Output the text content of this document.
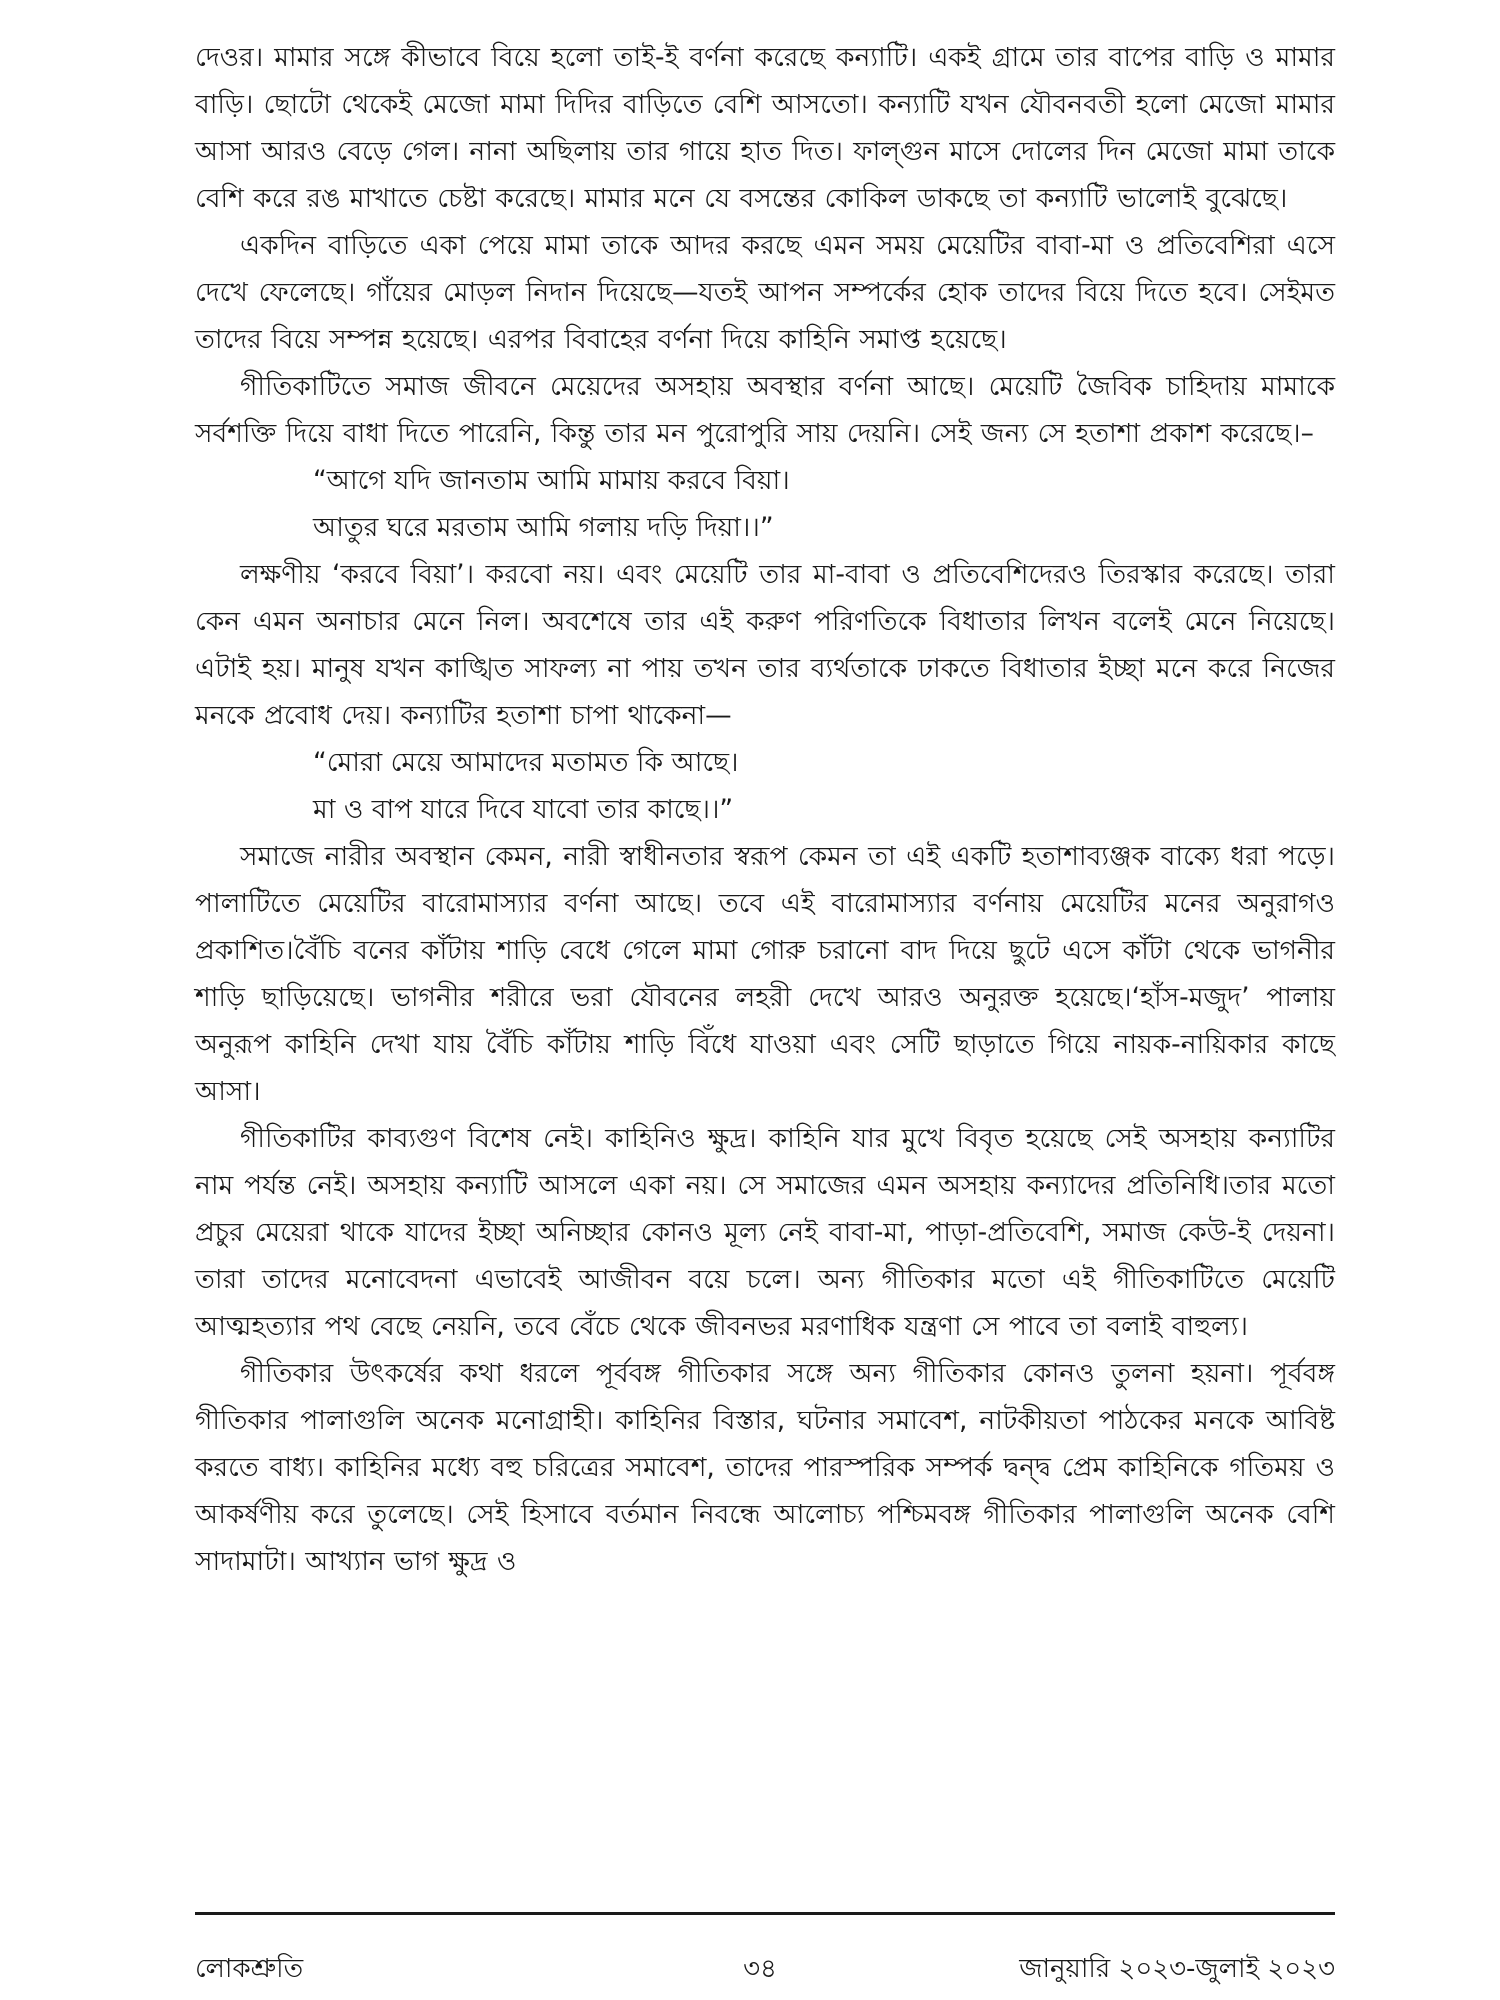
দেওর। মামার সঙ্গে কীভাবে বিয়ে হলো তাই-ই বর্ণনা করেছে কন্যাটি। একই গ্রামে তার বাপের বাড়ি ও মামার বাড়ি। ছোটো থেকেই মেজো মামা দিদির বাড়িতে বেশি আসতো। কন্যাটি যখন যৌবনবতী হলো মেজো মামার আসা আরও বেড়ে গেল। নানা অছিলায় তার গায়ে হাত দিত। ফাল্গুন মাসে দোলের দিন মেজো মামা তাকে বেশি করে রঙ মাখাতে চেষ্টা করেছে। মামার মনে যে বসন্তের কোকিল ডাকছে তা কন্যাটি ভালোই বুঝেছে।

একদিন বাড়িতে একা পেয়ে মামা তাকে আদর করছে এমন সময় মেয়েটির বাবা-মা ও প্রতিবেশিরা এসে দেখে ফেলেছে। গাঁয়ের মোড়ল নিদান দিয়েছে—যতই আপন সম্পর্কের হোক তাদের বিয়ে দিতে হবে। সেইমত তাদের বিয়ে সম্পন্ন হয়েছে। এরপর বিবাহের বর্ণনা দিয়ে কাহিনি সমাপ্ত হয়েছে।

গীতিকাটিতে সমাজ জীবনে মেয়েদের অসহায় অবস্থার বর্ণনা আছে। মেয়েটি জৈবিক চাহিদায় মামাকে সর্বশক্তি দিয়ে বাধা দিতে পারেনি, কিন্তু তার মন পুরোপুরি সায় দেয়নি। সেই জন্য সে হতাশা প্রকাশ করেছে।–

“আগে যদি জানতাম আমি মামায় করবে বিয়া।
আতুর ঘরে মরতাম আমি গলায় দড়ি দিয়া।।”

লক্ষণীয় ‘করবে বিয়া’। করবো নয়। এবং মেয়েটি তার মা-বাবা ও প্রতিবেশিদেরও তিরস্কার করেছে। তারা কেন এমন অনাচার মেনে নিল। অবশেষে তার এই করুণ পরিণতিকে বিধাতার লিখন বলেই মেনে নিয়েছে। এটাই হয়। মানুষ যখন কাঙ্খিত সাফল্য না পায় তখন তার ব্যর্থতাকে ঢাকতে বিধাতার ইচ্ছা মনে করে নিজের মনকে প্রবোধ দেয়। কন্যাটির হতাশা চাপা থাকেনা—

“মোরা মেয়ে আমাদের মতামত কি আছে।
মা ও বাপ যারে দিবে যাবো তার কাছে।।”

সমাজে নারীর অবস্থান কেমন, নারী স্বাধীনতার স্বরূপ কেমন তা এই একটি হতাশাব্যঞ্জক বাক্যে ধরা পড়ে। পালাটিতে মেয়েটির বারোমাস্যার বর্ণনা আছে। তবে এই বারোমাস্যার বর্ণনায় মেয়েটির মনের অনুরাগও প্রকাশিত।বৈঁচি বনের কাঁটায় শাড়ি বেধে গেলে মামা গোরু চরানো বাদ দিয়ে ছুটে এসে কাঁটা থেকে ভাগনীর শাড়ি ছাড়িয়েছে। ভাগনীর শরীরে ভরা যৌবনের লহরী দেখে আরও অনুরক্ত হয়েছে।‘হাঁস-মজুদ’ পালায় অনুরূপ কাহিনি দেখা যায় বৈঁচি কাঁটায় শাড়ি বিঁধে যাওয়া এবং সেটি ছাড়াতে গিয়ে নায়ক-নায়িকার কাছে আসা।

গীতিকাটির কাব্যগুণ বিশেষ নেই। কাহিনিও ক্ষুদ্র। কাহিনি যার মুখে বিবৃত হয়েছে সেই অসহায় কন্যাটির নাম পর্যন্ত নেই। অসহায় কন্যাটি আসলে একা নয়। সে সমাজের এমন অসহায় কন্যাদের প্রতিনিধি।তার মতো প্রচুর মেয়েরা থাকে যাদের ইচ্ছা অনিচ্ছার কোনও মূল্য নেই বাবা-মা, পাড়া-প্রতিবেশি, সমাজ কেউ-ই দেয়না। তারা তাদের মনোবেদনা এভাবেই আজীবন বয়ে চলে। অন্য গীতিকার মতো এই গীতিকাটিতে মেয়েটি আত্মহত্যার পথ বেছে নেয়নি, তবে বেঁচে থেকে জীবনভর মরণাধিক যন্ত্রণা সে পাবে তা বলাই বাহুল্য।

গীতিকার উৎকর্ষের কথা ধরলে পূর্ববঙ্গ গীতিকার সঙ্গে অন্য গীতিকার কোনও তুলনা হয়না। পূর্ববঙ্গ গীতিকার পালাগুলি অনেক মনোগ্রাহী। কাহিনির বিস্তার, ঘটনার সমাবেশ, নাটকীয়তা পাঠকের মনকে আবিষ্ট করতে বাধ্য। কাহিনির মধ্যে বহু চরিত্রের সমাবেশ, তাদের পারস্পরিক সম্পর্ক দ্বন্দ্ব প্রেম কাহিনিকে গতিময় ও আকর্ষণীয় করে তুলেছে। সেই হিসাবে বর্তমান নিবন্ধে আলোচ্য পশ্চিমবঙ্গ গীতিকার পালাগুলি অনেক বেশি সাদামাটা। আখ্যান ভাগ ক্ষুদ্র ও

লোকশ্রুতি	৩৪	জানুয়ারি ২০২৩-জুলাই ২০২৩
